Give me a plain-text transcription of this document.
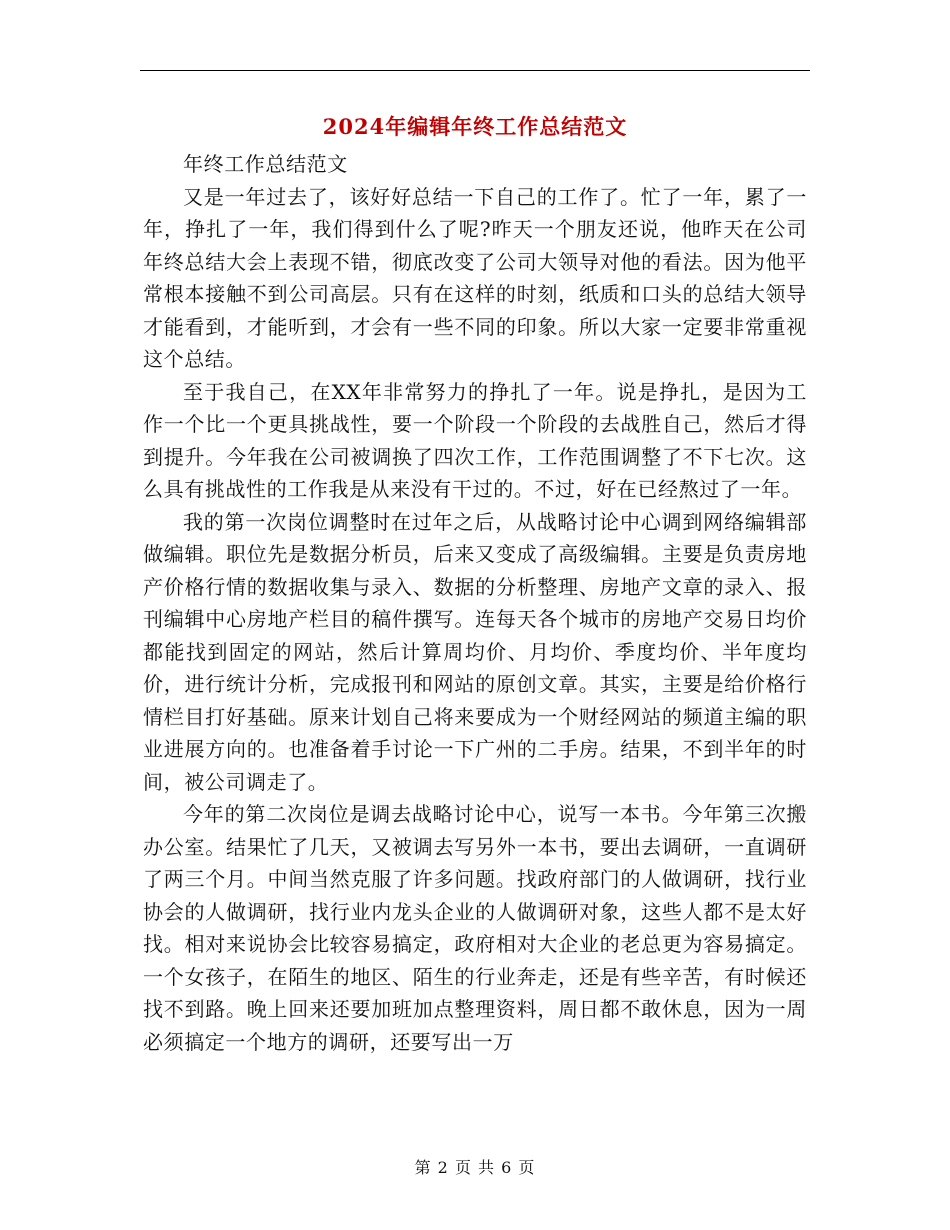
2024年编辑年终工作总结范文

年终工作总结范文

又是一年过去了，该好好总结一下自己的工作了。忙了一年，累了一年，挣扎了一年，我们得到什么了呢?昨天一个朋友还说，他昨天在公司年终总结大会上表现不错，彻底改变了公司大领导对他的看法。因为他平常根本接触不到公司高层。只有在这样的时刻，纸质和口头的总结大领导才能看到，才能听到，才会有一些不同的印象。所以大家一定要非常重视这个总结。

至于我自己，在XX年非常努力的挣扎了一年。说是挣扎，是因为工作一个比一个更具挑战性，要一个阶段一个阶段的去战胜自己，然后才得到提升。今年我在公司被调换了四次工作，工作范围调整了不下七次。这么具有挑战性的工作我是从来没有干过的。不过，好在已经熬过了一年。

我的第一次岗位调整时在过年之后，从战略讨论中心调到网络编辑部做编辑。职位先是数据分析员，后来又变成了高级编辑。主要是负责房地产价格行情的数据收集与录入、数据的分析整理、房地产文章的录入、报刊编辑中心房地产栏目的稿件撰写。连每天各个城市的房地产交易日均价都能找到固定的网站，然后计算周均价、月均价、季度均价、半年度均价，进行统计分析，完成报刊和网站的原创文章。其实，主要是给价格行情栏目打好基础。原来计划自己将来要成为一个财经网站的频道主编的职业进展方向的。也准备着手讨论一下广州的二手房。结果，不到半年的时间，被公司调走了。

今年的第二次岗位是调去战略讨论中心，说写一本书。今年第三次搬办公室。结果忙了几天，又被调去写另外一本书，要出去调研，一直调研了两三个月。中间当然克服了许多问题。找政府部门的人做调研，找行业协会的人做调研，找行业内龙头企业的人做调研对象，这些人都不是太好找。相对来说协会比较容易搞定，政府相对大企业的老总更为容易搞定。一个女孩子，在陌生的地区、陌生的行业奔走，还是有些辛苦，有时候还找不到路。晚上回来还要加班加点整理资料，周日都不敢休息，因为一周必须搞定一个地方的调研，还要写出一万

第 2 页 共 6 页
